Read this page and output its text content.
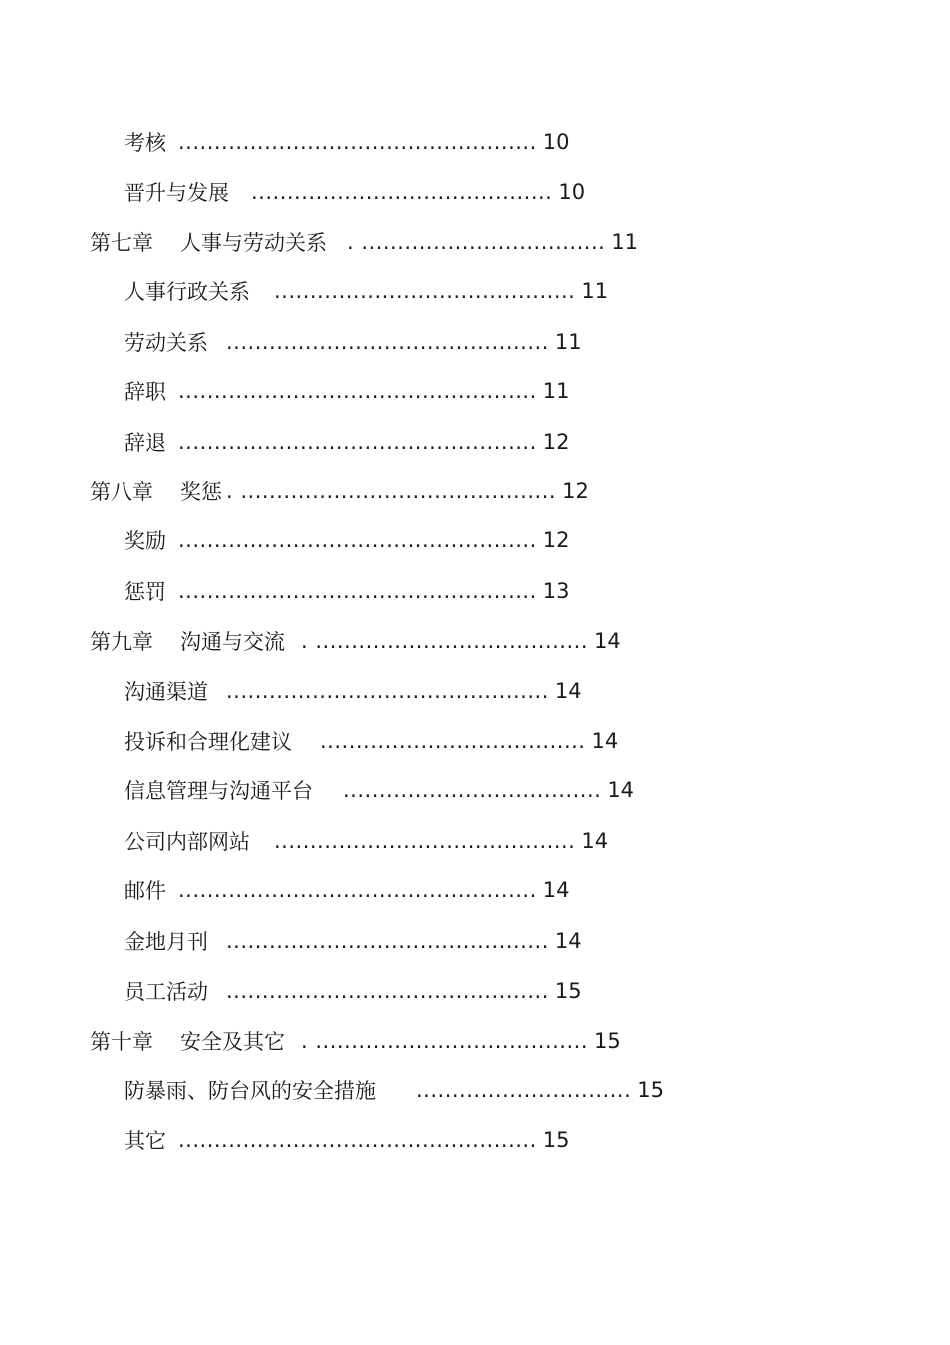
考核 .................................................. 10
晋升与发展 .......................................... 10
第七章	人事与劳动关系 . .................................. 11
人事行政关系 .......................................... 11
劳动关系 ............................................. 11
辞职 .................................................. 11
辞退 .................................................. 12
第八章	奖惩 . ............................................ 12
奖励 .................................................. 12
惩罚 .................................................. 13
第九章	沟通与交流 . ...................................... 14
沟通渠道 ............................................. 14
投诉和合理化建议 ..................................... 14
信息管理与沟通平台 .................................... 14
公司内部网站 .......................................... 14
邮件 .................................................. 14
金地月刊 ............................................. 14
员工活动 ............................................. 15
第十章	安全及其它 . ...................................... 15
防暴雨、防台风的安全措施 .............................. 15
其它 .................................................. 15
